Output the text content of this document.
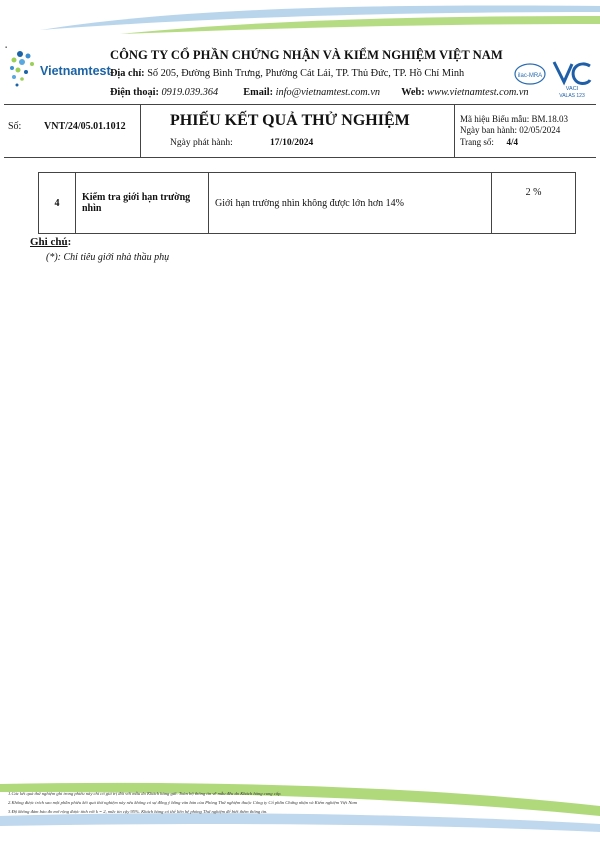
▪
Vietnamtest
CÔNG TY CỔ PHẦN CHỨNG NHẬN VÀ KIỂM NGHIỆM VIỆT NAM
Địa chỉ: Số 205, Đường Bình Trưng, Phường Cát Lái, TP. Thủ Đức, TP. Hồ Chí Minh
Điện thoại: 0919.039.364 Email: info@vietnamtest.com.vn Web: www.vietnamtest.com.vn
ilac-MRA
VACI
VALAS 123
Số: VNT/24/05.01.1012	PHIẾU KẾT QUẢ THỬ NGHIỆM
Ngày phát hành:	17/10/2024
Mã hiệu Biểu mẫu: BM.18.03
Ngày ban hành: 02/05/2024
Trang số: 4/4
4	Kiểm tra giới hạn trường nhìn	Giới hạn trường nhìn không được lớn hơn 14%	2 %
Ghi chú:
(*): Chỉ tiêu giới nhà thầu phụ
1.Các kết quả thử nghiệm ghi trong phiếu này chỉ có giá trị đối với mẫu do Khách hàng gửi. Toàn bộ thông tin về mẫu đều do Khách hàng cung cấp.
2.Không được trích sao một phần phiếu kết quả thử nghiệm này nếu không có sự đồng ý bằng văn bản của Phòng Thử nghiệm thuộc Công ty Cổ phần Chứng nhận và Kiểm nghiệm Việt Nam
3.Độ không đảm bảo đo mở rộng được tính với k = 2, mức tin cậy 95%. Khách hàng có thể liên hệ phòng Thử nghiệm để biết thêm thông tin.
